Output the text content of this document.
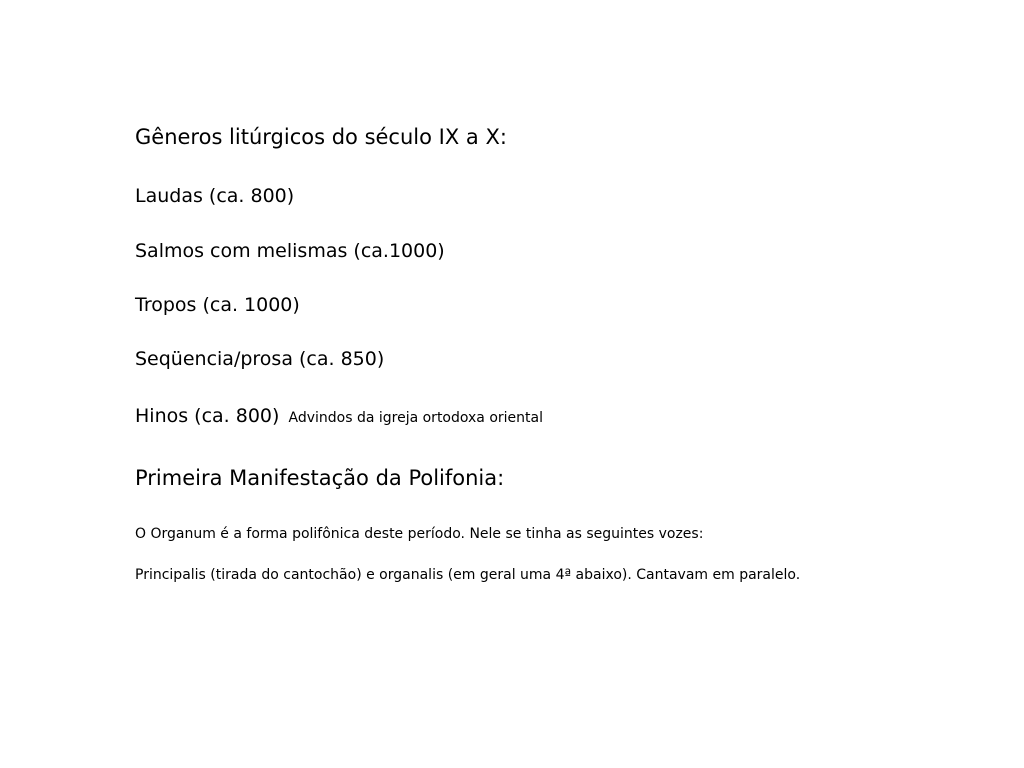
Gêneros litúrgicos do século IX a X:
Laudas (ca. 800)
Salmos com melismas (ca.1000)
Tropos (ca. 1000)
Seqüencia/prosa (ca. 850)
Hinos (ca. 800) Advindos da igreja ortodoxa oriental
Primeira Manifestação da Polifonia:
O Organum é a forma polifônica deste período. Nele se tinha as seguintes vozes:
Principalis (tirada do cantochão) e organalis (em geral uma 4ª abaixo). Cantavam em paralelo.
